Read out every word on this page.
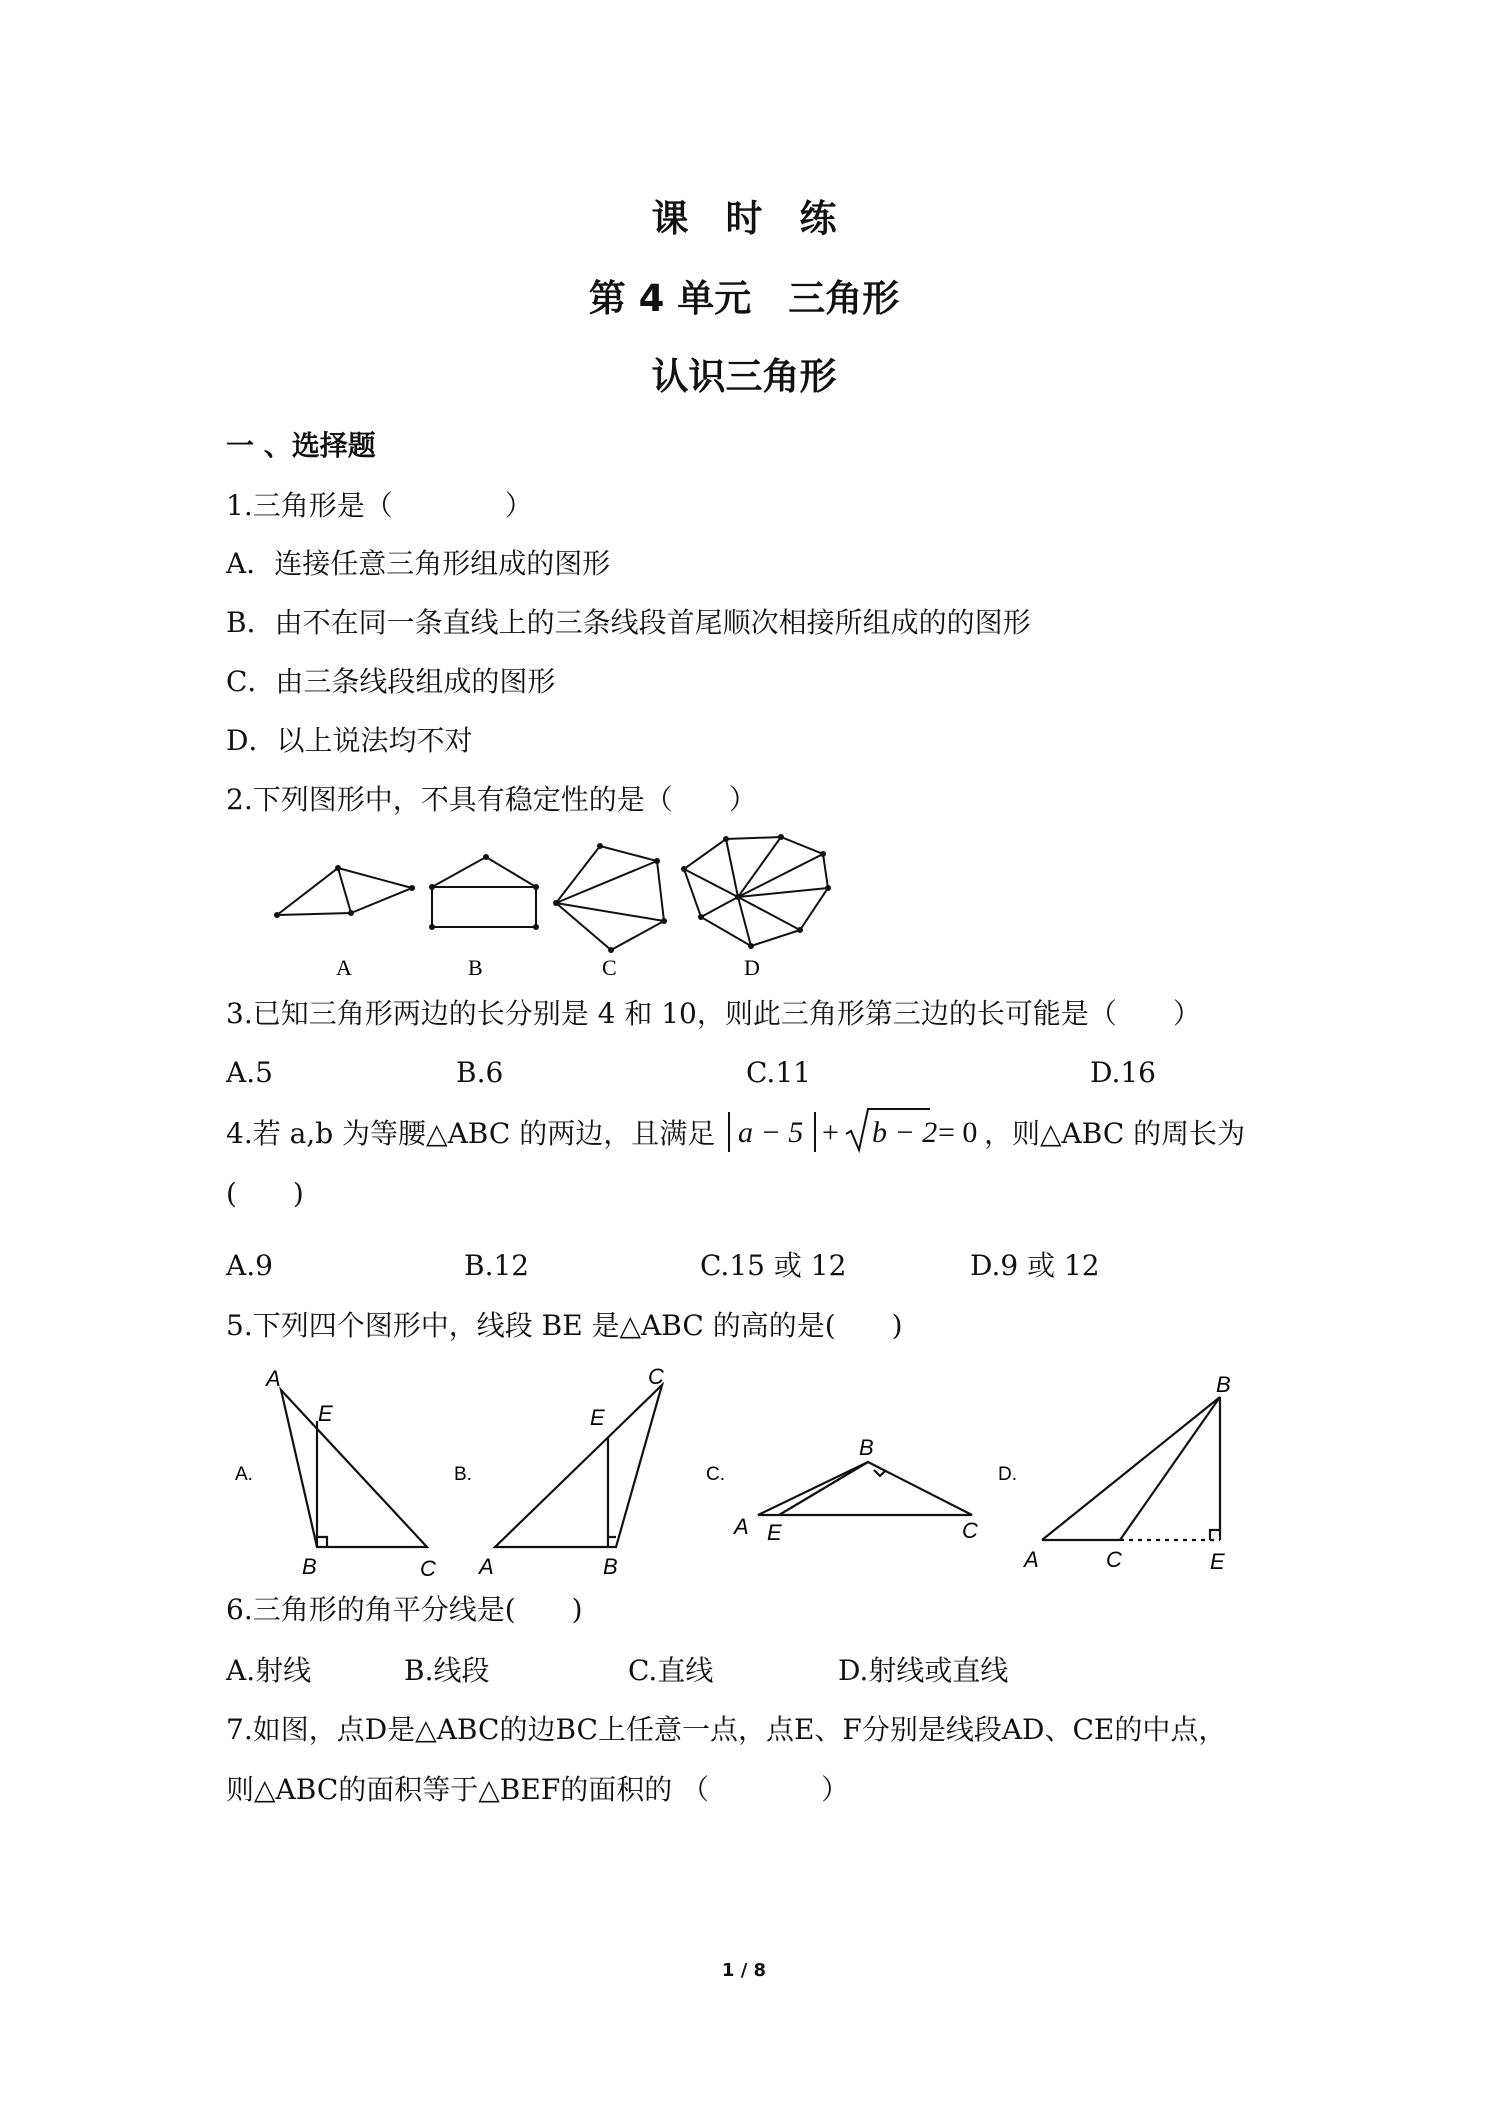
课　时　练
第 4 单元　三角形
认识三角形
一 、选择题
1.三角形是（　　　　）
A．连接任意三角形组成的图形
B．由不在同一条直线上的三条线段首尾顺次相接所组成的的图形
C．由三条线段组成的图形
D．以上说法均不对
2.下列图形中，不具有稳定性的是（　　）
A	B	C	D
3.已知三角形两边的长分别是 4 和 10，则此三角形第三边的长可能是（　　）
A.5	B.6	C.11	D.16
4.若 a,b 为等腰△ABC 的两边，且满足 a − 5 + b − 2 = 0 ，则△ABC 的周长为
(　　)
A.9	B.12	C.15 或 12	D.9 或 12
5.下列四个图形中，线段 BE 是△ABC 的高的是(　　)
A.	B.	C.	D.
A
E
B	C
E
C
A	B
B
A E	C
B
A	C	E
6.三角形的角平分线是(　　)
A.射线	B.线段	C.直线	D.射线或直线
7.如图，点D是△ABC的边BC上任意一点，点E、F分别是线段AD、CE的中点，
则△ABC的面积等于△BEF的面积的 （　　　　）
1 / 8
